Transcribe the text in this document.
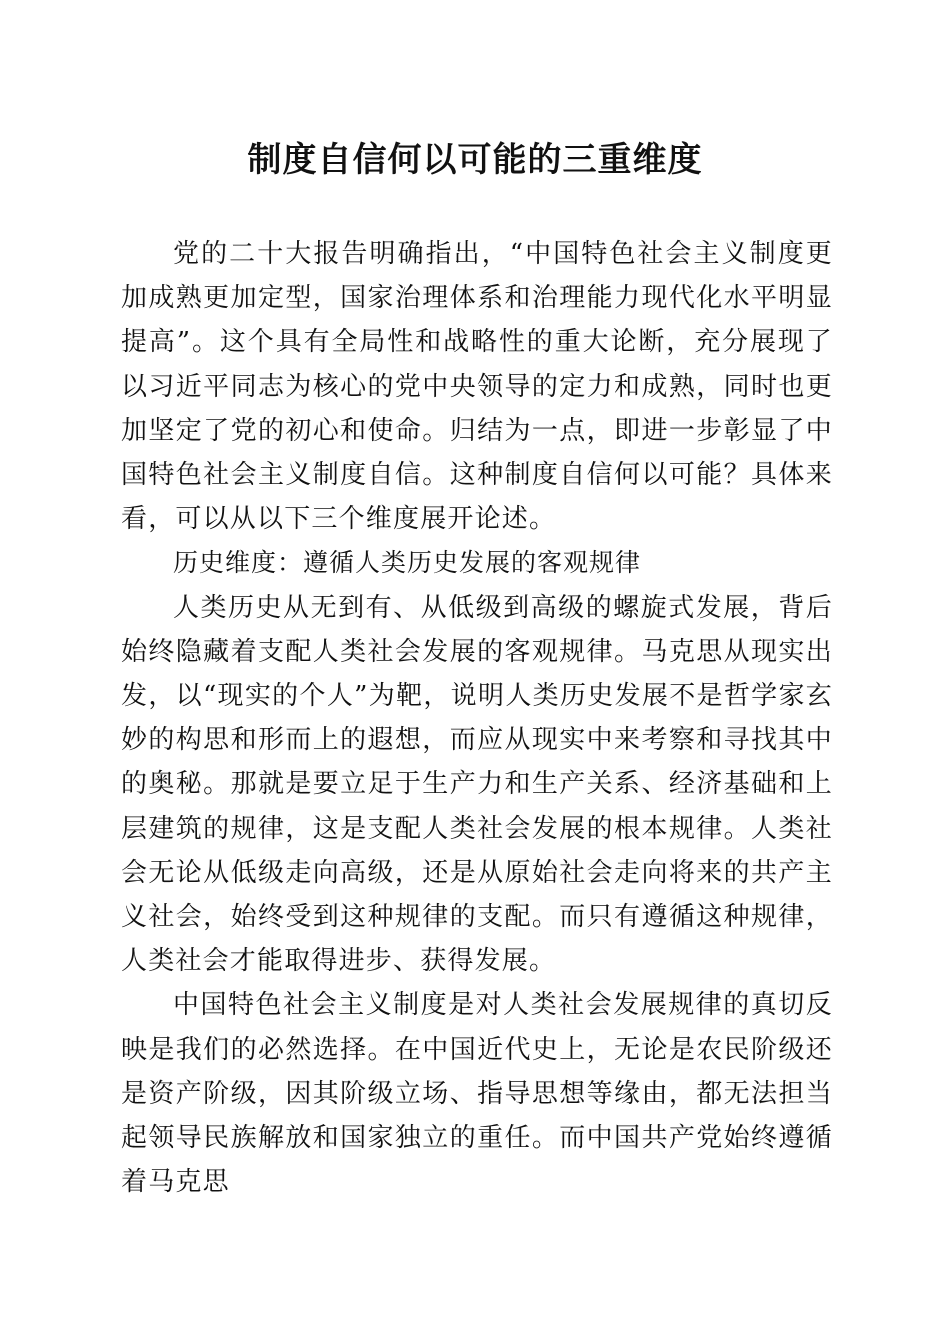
制度自信何以可能的三重维度

党的二十大报告明确指出，“中国特色社会主义制度更加成熟更加定型，国家治理体系和治理能力现代化水平明显提高”。这个具有全局性和战略性的重大论断，充分展现了以习近平同志为核心的党中央领导的定力和成熟，同时也更加坚定了党的初心和使命。归结为一点，即进一步彰显了中国特色社会主义制度自信。这种制度自信何以可能？具体来看，可以从以下三个维度展开论述。

历史维度：遵循人类历史发展的客观规律

人类历史从无到有、从低级到高级的螺旋式发展，背后始终隐藏着支配人类社会发展的客观规律。马克思从现实出发，以“现实的个人”为靶，说明人类历史发展不是哲学家玄妙的构思和形而上的遐想，而应从现实中来考察和寻找其中的奥秘。那就是要立足于生产力和生产关系、经济基础和上层建筑的规律，这是支配人类社会发展的根本规律。人类社会无论从低级走向高级，还是从原始社会走向将来的共产主义社会，始终受到这种规律的支配。而只有遵循这种规律，人类社会才能取得进步、获得发展。

中国特色社会主义制度是对人类社会发展规律的真切反映是我们的必然选择。在中国近代史上，无论是农民阶级还是资产阶级，因其阶级立场、指导思想等缘由，都无法担当起领导民族解放和国家独立的重任。而中国共产党始终遵循着马克思
